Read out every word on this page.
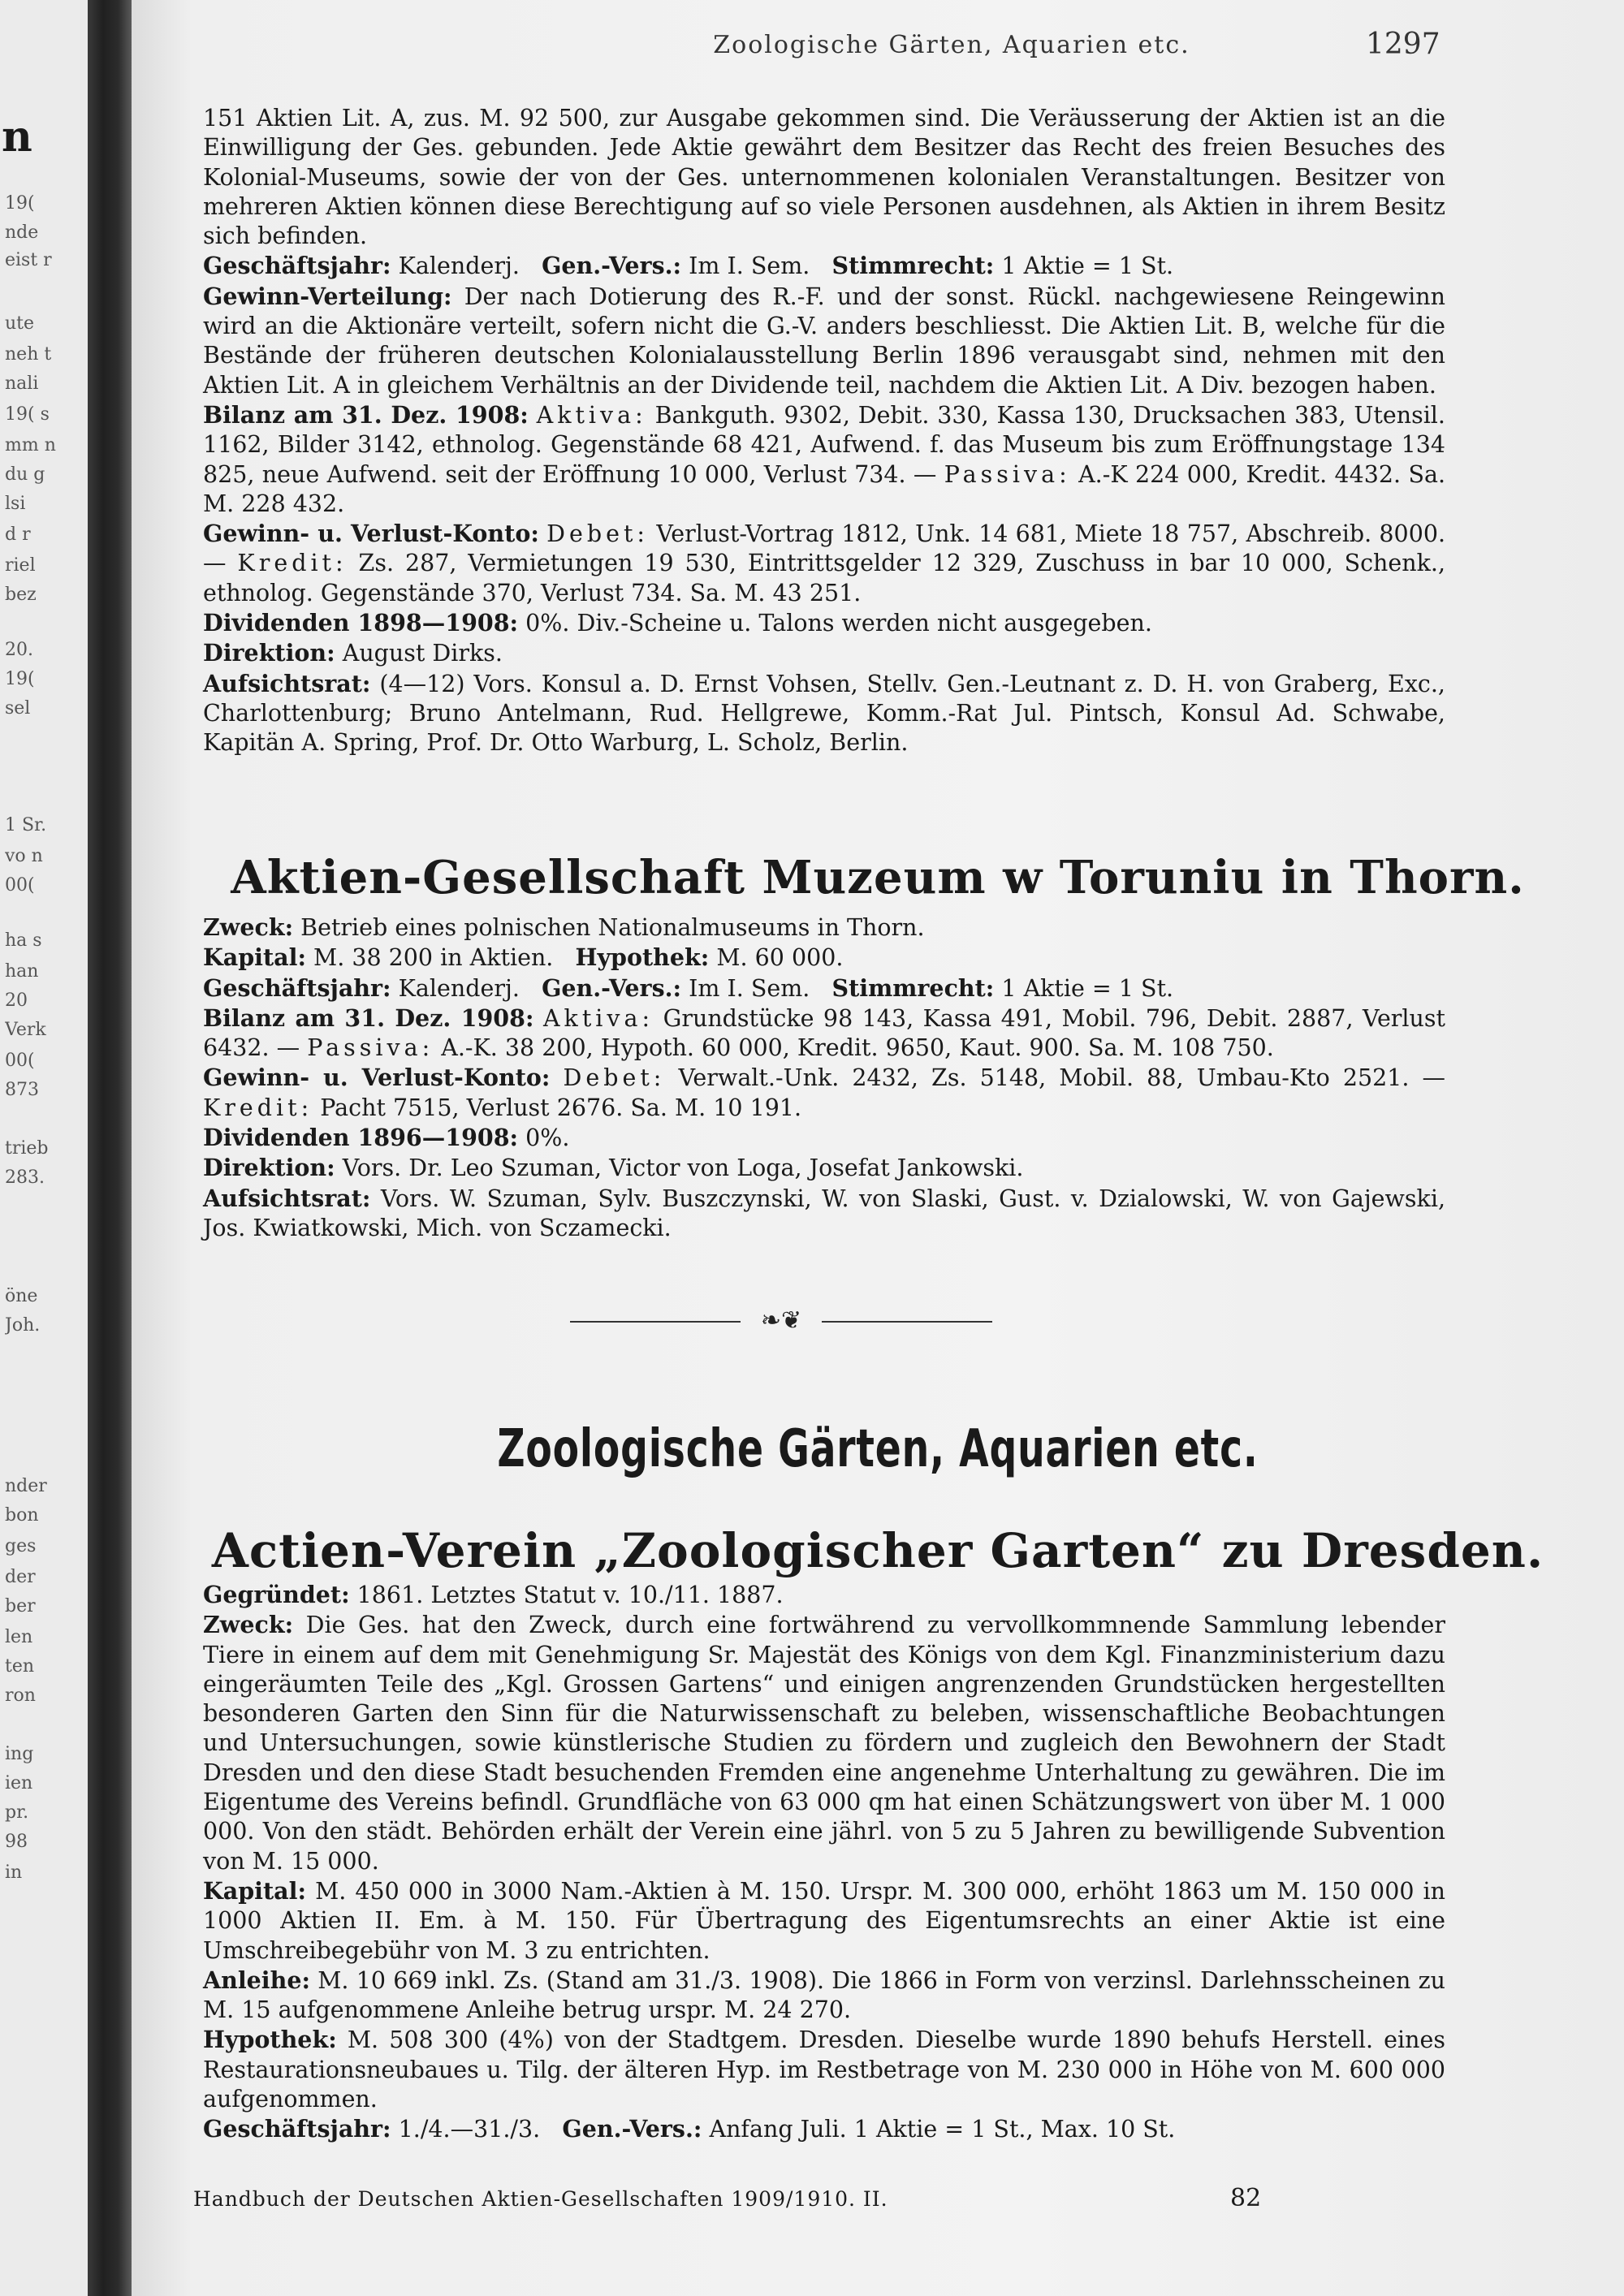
n
19(
nde
eist r
ute
neh t
nali
19( s
mm n
du g
lsi
d r
riel
bez
20.
19(
sel
1 Sr.
vo n
00(
ha s
han
20
Verk
00(
873
trieb
283.
öne
Joh.
nder
bon
ges
der
ber
len
ten
ron
ing
ien
pr.
98
in
Zoologische Gärten, Aquarien etc.	1297

151 Aktien Lit. A, zus. M. 92 500, zur Ausgabe gekommen sind. Die Veräusserung der Aktien ist an die Einwilligung der Ges. gebunden. Jede Aktie gewährt dem Besitzer das Recht des freien Besuches des Kolonial-Museums, sowie der von der Ges. unternommenen kolonialen Veranstaltungen. Besitzer von mehreren Aktien können diese Berechtigung auf so viele Personen ausdehnen, als Aktien in ihrem Besitz sich befinden.

Geschäftsjahr: Kalenderj. Gen.-Vers.: Im I. Sem. Stimmrecht: 1 Aktie = 1 St.

Gewinn-Verteilung: Der nach Dotierung des R.-F. und der sonst. Rückl. nachgewiesene Reingewinn wird an die Aktionäre verteilt, sofern nicht die G.-V. anders beschliesst. Die Aktien Lit. B, welche für die Bestände der früheren deutschen Kolonialausstellung Berlin 1896 verausgabt sind, nehmen mit den Aktien Lit. A in gleichem Verhältnis an der Dividende teil, nachdem die Aktien Lit. A Div. bezogen haben.

Bilanz am 31. Dez. 1908: Aktiva: Bankguth. 9302, Debit. 330, Kassa 130, Drucksachen 383, Utensil. 1162, Bilder 3142, ethnolog. Gegenstände 68 421, Aufwend. f. das Museum bis zum Eröffnungstage 134 825, neue Aufwend. seit der Eröffnung 10 000, Verlust 734. — Passiva: A.-K 224 000, Kredit. 4432. Sa. M. 228 432.

Gewinn- u. Verlust-Konto: Debet: Verlust-Vortrag 1812, Unk. 14 681, Miete 18 757, Abschreib. 8000. — Kredit: Zs. 287, Vermietungen 19 530, Eintrittsgelder 12 329, Zuschuss in bar 10 000, Schenk., ethnolog. Gegenstände 370, Verlust 734. Sa. M. 43 251.

Dividenden 1898—1908: 0%. Div.-Scheine u. Talons werden nicht ausgegeben.

Direktion: August Dirks.

Aufsichtsrat: (4—12) Vors. Konsul a. D. Ernst Vohsen, Stellv. Gen.-Leutnant z. D. H. von Graberg, Exc., Charlottenburg; Bruno Antelmann, Rud. Hellgrewe, Komm.-Rat Jul. Pintsch, Konsul Ad. Schwabe, Kapitän A. Spring, Prof. Dr. Otto Warburg, L. Scholz, Berlin.

Aktien-Gesellschaft Muzeum w Toruniu in Thorn.

Zweck: Betrieb eines polnischen Nationalmuseums in Thorn.

Kapital: M. 38 200 in Aktien. Hypothek: M. 60 000.

Geschäftsjahr: Kalenderj. Gen.-Vers.: Im I. Sem. Stimmrecht: 1 Aktie = 1 St.

Bilanz am 31. Dez. 1908: Aktiva: Grundstücke 98 143, Kassa 491, Mobil. 796, Debit. 2887, Verlust 6432. — Passiva: A.-K. 38 200, Hypoth. 60 000, Kredit. 9650, Kaut. 900. Sa. M. 108 750.

Gewinn- u. Verlust-Konto: Debet: Verwalt.-Unk. 2432, Zs. 5148, Mobil. 88, Umbau-Kto 2521. — Kredit: Pacht 7515, Verlust 2676. Sa. M. 10 191.

Dividenden 1896—1908: 0%.

Direktion: Vors. Dr. Leo Szuman, Victor von Loga, Josefat Jankowski.

Aufsichtsrat: Vors. W. Szuman, Sylv. Buszczynski, W. von Slaski, Gust. v. Dzialowski, W. von Gajewski, Jos. Kwiatkowski, Mich. von Sczamecki.

❧❦
Zoologische Gärten, Aquarien etc.
Actien-Verein „Zoologischer Garten“ zu Dresden.

Gegründet: 1861. Letztes Statut v. 10./11. 1887.

Zweck: Die Ges. hat den Zweck, durch eine fortwährend zu vervollkommnende Sammlung lebender Tiere in einem auf dem mit Genehmigung Sr. Majestät des Königs von dem Kgl. Finanzministerium dazu eingeräumten Teile des „Kgl. Grossen Gartens“ und einigen angrenzenden Grundstücken hergestellten besonderen Garten den Sinn für die Naturwissenschaft zu beleben, wissenschaftliche Beobachtungen und Untersuchungen, sowie künstlerische Studien zu fördern und zugleich den Bewohnern der Stadt Dresden und den diese Stadt besuchenden Fremden eine angenehme Unterhaltung zu gewähren. Die im Eigentume des Vereins befindl. Grundfläche von 63 000 qm hat einen Schätzungswert von über M. 1 000 000. Von den städt. Behörden erhält der Verein eine jährl. von 5 zu 5 Jahren zu bewilligende Subvention von M. 15 000.

Kapital: M. 450 000 in 3000 Nam.-Aktien à M. 150. Urspr. M. 300 000, erhöht 1863 um M. 150 000 in 1000 Aktien II. Em. à M. 150. Für Übertragung des Eigentumsrechts an einer Aktie ist eine Umschreibegebühr von M. 3 zu entrichten.

Anleihe: M. 10 669 inkl. Zs. (Stand am 31./3. 1908). Die 1866 in Form von verzinsl. Darlehnsscheinen zu M. 15 aufgenommene Anleihe betrug urspr. M. 24 270.

Hypothek: M. 508 300 (4%) von der Stadtgem. Dresden. Dieselbe wurde 1890 behufs Herstell. eines Restaurationsneubaues u. Tilg. der älteren Hyp. im Restbetrage von M. 230 000 in Höhe von M. 600 000 aufgenommen.

Geschäftsjahr: 1./4.—31./3. Gen.-Vers.: Anfang Juli. 1 Aktie = 1 St., Max. 10 St.

Handbuch der Deutschen Aktien-Gesellschaften 1909/1910. II.	82
